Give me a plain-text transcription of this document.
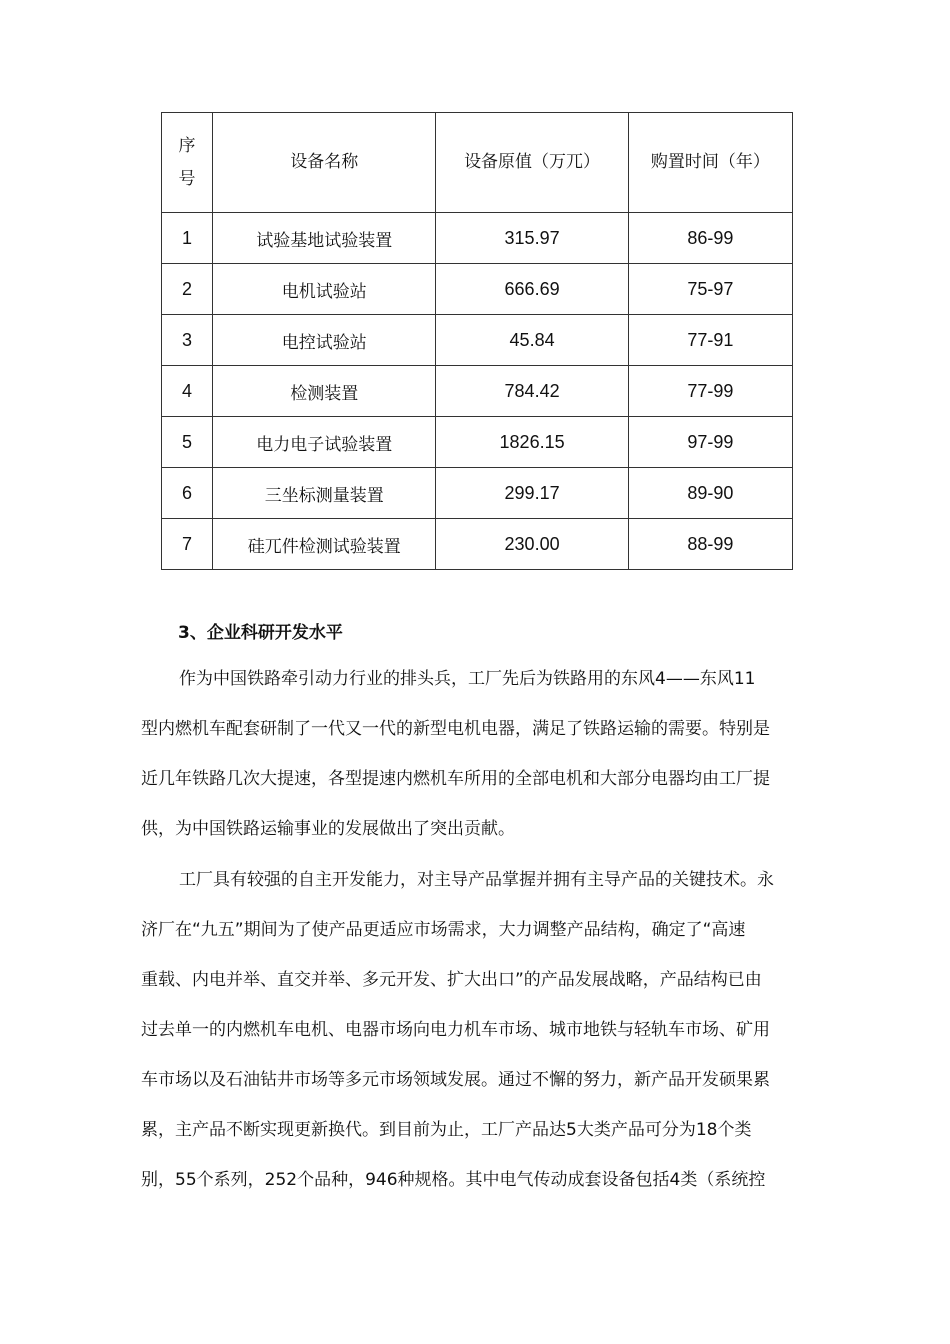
序号	设备名称	设备原值（万兀）	购置时间（年）
1	试验基地试验装置	315.97	86-99
2	电机试验站	666.69	75-97
3	电控试验站	45.84	77-91
4	检测装置	784.42	77-99
5	电力电子试验装置	1826.15	97-99
6	三坐标测量装置	299.17	89-90
7	硅兀件检测试验装置	230.00	88-99
3、企业科研开发水平

作为中国铁路牵引动力行业的排头兵，工厂先后为铁路用的东风4——东风11
型内燃机车配套研制了一代又一代的新型电机电器，满足了铁路运输的需要。特别是
近几年铁路几次大提速，各型提速内燃机车所用的全部电机和大部分电器均由工厂提
供，为中国铁路运输事业的发展做出了突出贡献。

工厂具有较强的自主开发能力，对主导产品掌握并拥有主导产品的关键技术。永
济厂在“九五”期间为了使产品更适应市场需求，大力调整产品结构，确定了“高速
重载、内电并举、直交并举、多元开发、扩大出口”的产品发展战略，产品结构已由
过去单一的内燃机车电机、电器市场向电力机车市场、城市地铁与轻轨车市场、矿用
车市场以及石油钻井市场等多元市场领域发展。通过不懈的努力，新产品开发硕果累
累，主产品不断实现更新换代。到目前为止，工厂产品达5大类产品可分为18个类
别，55个系列，252个品种，946种规格。其中电气传动成套设备包括4类（系统控
